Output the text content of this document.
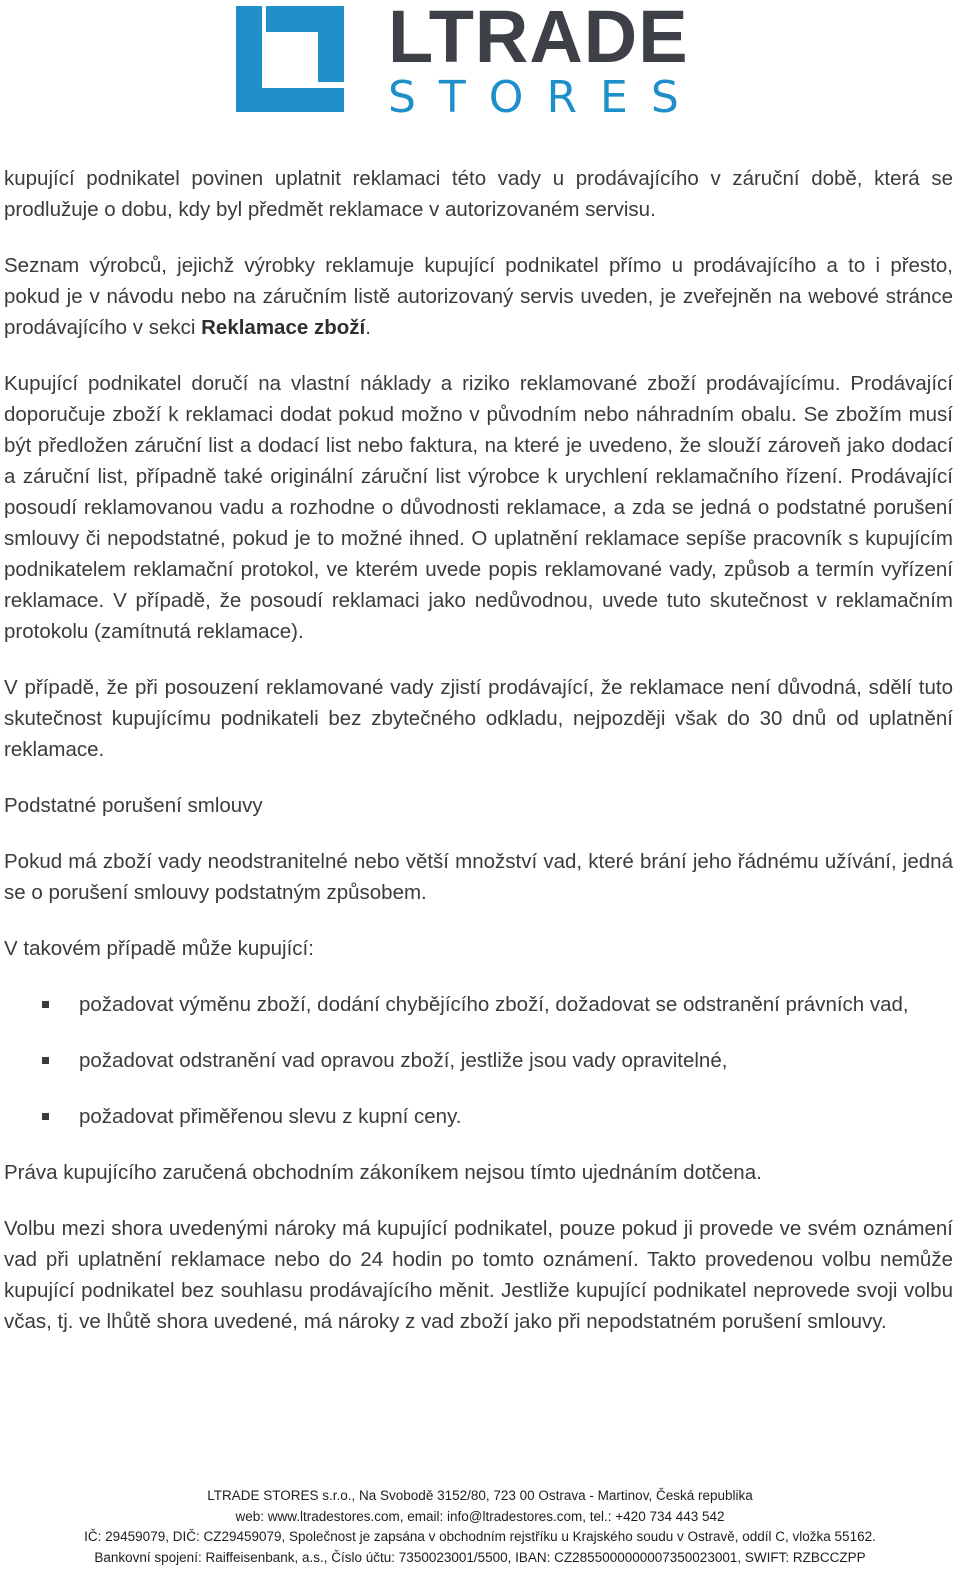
LTRADE
STORES

kupující podnikatel povinen uplatnit reklamaci této vady u prodávajícího v záruční době, která se prodlužuje o dobu, kdy byl předmět reklamace v autorizovaném servisu.

Seznam výrobců, jejichž výrobky reklamuje kupující podnikatel přímo u prodávajícího a to i přesto, pokud je v návodu nebo na záručním listě autorizovaný servis uveden, je zveřejněn na webové stránce prodávajícího v sekci Reklamace zboží.

Kupující podnikatel doručí na vlastní náklady a riziko reklamované zboží prodávajícímu. Prodávající doporučuje zboží k reklamaci dodat pokud možno v původním nebo náhradním obalu. Se zbožím musí být předložen záruční list a dodací list nebo faktura, na které je uvedeno, že slouží zároveň jako dodací a záruční list, případně také originální záruční list výrobce k urychlení reklamačního řízení. Prodávající posoudí reklamovanou vadu a rozhodne o důvodnosti reklamace, a zda se jedná o podstatné porušení smlouvy či nepodstatné, pokud je to možné ihned. O uplatnění reklamace sepíše pracovník s kupujícím podnikatelem reklamační protokol, ve kterém uvede popis reklamované vady, způsob a termín vyřízení reklamace. V případě, že posoudí reklamaci jako nedůvodnou, uvede tuto skutečnost v reklamačním protokolu (zamítnutá reklamace).

V případě, že při posouzení reklamované vady zjistí prodávající, že reklamace není důvodná, sdělí tuto skutečnost kupujícímu podnikateli bez zbytečného odkladu, nejpozději však do 30 dnů od uplatnění reklamace.

Podstatné porušení smlouvy

Pokud má zboží vady neodstranitelné nebo větší množství vad, které brání jeho řádnému užívání, jedná se o porušení smlouvy podstatným způsobem.

V takovém případě může kupující:

požadovat výměnu zboží, dodání chybějícího zboží, dožadovat se odstranění právních vad,
požadovat odstranění vad opravou zboží, jestliže jsou vady opravitelné,
požadovat přiměřenou slevu z kupní ceny.

Práva kupujícího zaručená obchodním zákoníkem nejsou tímto ujednáním dotčena.

Volbu mezi shora uvedenými nároky má kupující podnikatel, pouze pokud ji provede ve svém oznámení vad při uplatnění reklamace nebo do 24 hodin po tomto oznámení. Takto provedenou volbu nemůže kupující podnikatel bez souhlasu prodávajícího měnit. Jestliže kupující podnikatel neprovede svoji volbu včas, tj. ve lhůtě shora uvedené, má nároky z vad zboží jako při nepodstatném porušení smlouvy.

LTRADE STORES s.r.o., Na Svobodě 3152/80, 723 00 Ostrava - Martinov, Česká republika
web: www.ltradestores.com, email: info@ltradestores.com, tel.: +420 734 443 542
IČ: 29459079, DIČ: CZ29459079, Společnost je zapsána v obchodním rejstříku u Krajského soudu v Ostravě, oddíl C, vložka 55162.
Bankovní spojení: Raiffeisenbank, a.s., Číslo účtu: 7350023001/5500, IBAN: CZ2855000000007350023001, SWIFT: RZBCCZPP
